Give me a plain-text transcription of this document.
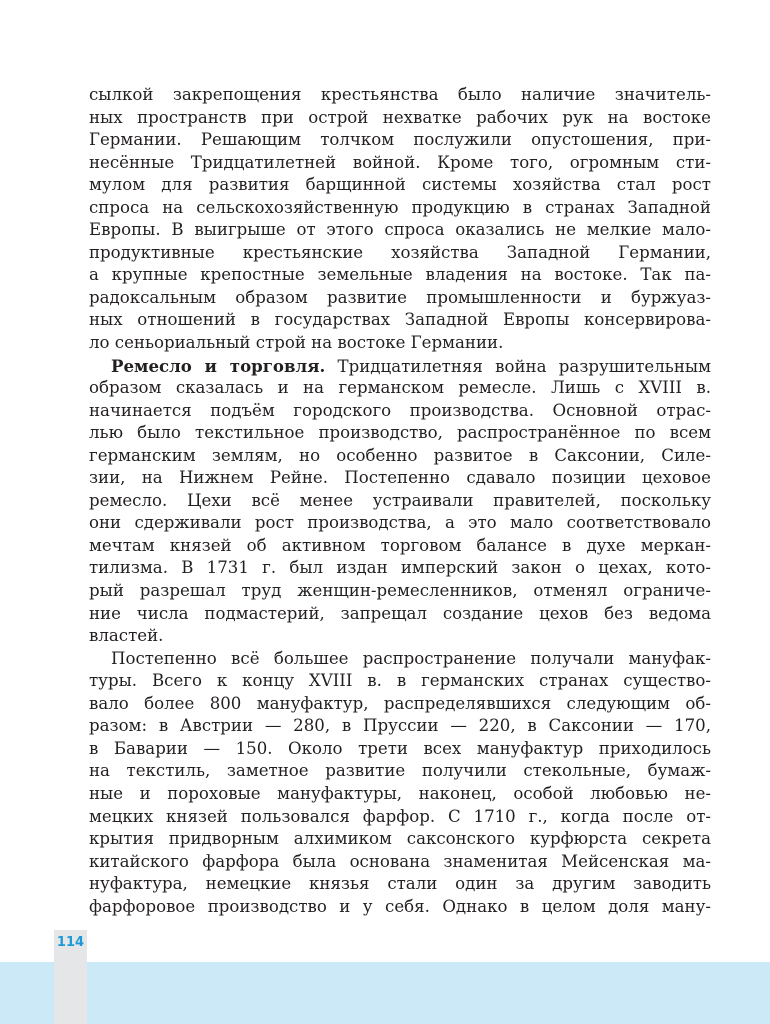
114
сылкой закрепощения крестьянства было наличие значитель-
ных пространств при острой нехватке рабочих рук на востоке
Германии. Решающим толчком послужили опустошения, при-
несённые Тридцатилетней войной. Кроме того, огромным сти-
мулом для развития барщинной системы хозяйства стал рост
спроса на сельскохозяйственную продукцию в странах Западной
Европы. В выигрыше от этого спроса оказались не мелкие мало-
продуктивные крестьянские хозяйства Западной Германии,
а крупные крепостные земельные владения на востоке. Так па-
радоксальным образом развитие промышленности и буржуаз-
ных отношений в государствах Западной Европы консервирова-
ло сеньориальный строй на востоке Германии.
Ремесло и торговля. Тридцатилетняя война разрушительным
образом сказалась и на германском ремесле. Лишь с XVIII в.
начинается подъём городского производства. Основной отрас-
лью было текстильное производство, распространённое по всем
германским землям, но особенно развитое в Саксонии, Силе-
зии, на Нижнем Рейне. Постепенно сдавало позиции цеховое
ремесло. Цехи всё менее устраивали правителей, поскольку
они сдерживали рост производства, а это мало соответствовало
мечтам князей об активном торговом балансе в духе меркан-
тилизма. В 1731 г. был издан имперский закон о цехах, кото-
рый разрешал труд женщин-ремесленников, отменял ограниче-
ние числа подмастерий, запрещал создание цехов без ведома
властей.
Постепенно всё большее распространение получали мануфак-
туры. Всего к концу XVIII в. в германских странах существо-
вало более 800 мануфактур, распределявшихся следующим об-
разом: в Австрии — 280, в Пруссии — 220, в Саксонии — 170,
в Баварии — 150. Около трети всех мануфактур приходилось
на текстиль, заметное развитие получили стекольные, бумаж-
ные и пороховые мануфактуры, наконец, особой любовью не-
мецких князей пользовался фарфор. С 1710 г., когда после от-
крытия придворным алхимиком саксонского курфюрста секрета
китайского фарфора была основана знаменитая Мейсенская ма-
нуфактура, немецкие князья стали один за другим заводить
фарфоровое производство и у себя. Однако в целом доля ману-
